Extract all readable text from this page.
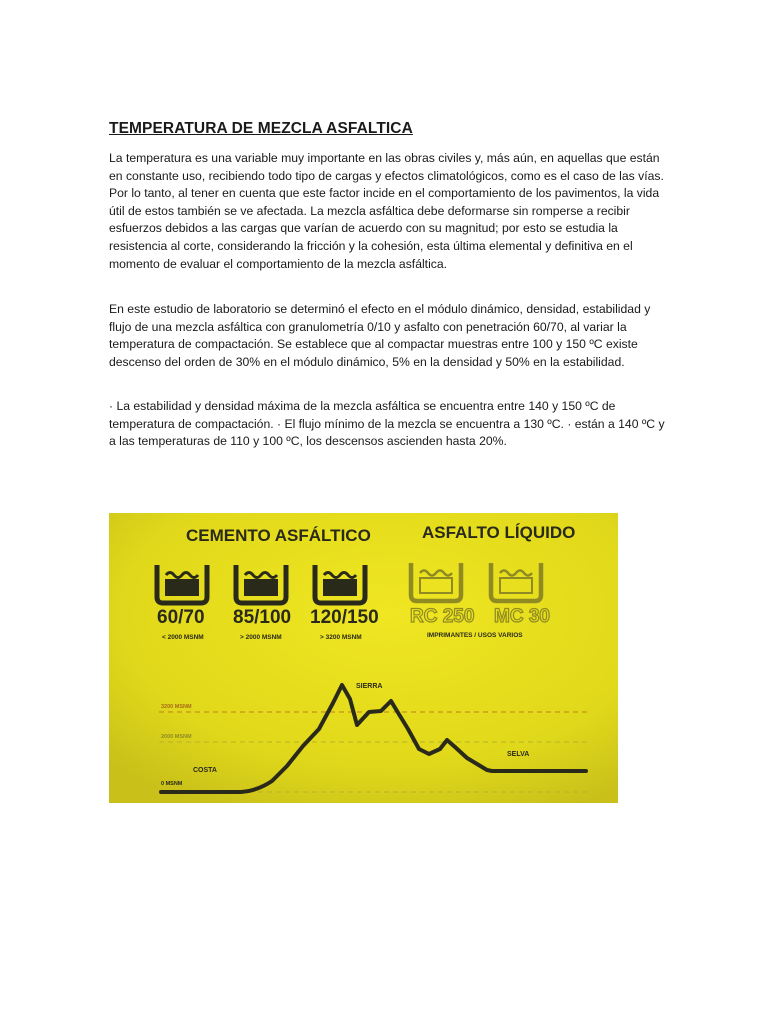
TEMPERATURA DE MEZCLA ASFALTICA

La temperatura es una variable muy importante en las obras civiles y, más aún, en aquellas que están en constante uso, recibiendo todo tipo de cargas y efectos climatológicos, como es el caso de las vías. Por lo tanto, al tener en cuenta que este factor incide en el comportamiento de los pavimentos, la vida útil de estos también se ve afectada. La mezcla asfáltica debe deformarse sin romperse a recibir esfuerzos debidos a las cargas que varían de acuerdo con su magnitud; por esto se estudia la resistencia al corte, considerando la fricción y la cohesión, esta última elemental y definitiva en el momento de evaluar el comportamiento de la mezcla asfáltica.

En este estudio de laboratorio se determinó el efecto en el módulo dinámico, densidad, estabilidad y flujo de una mezcla asfáltica con granulometría 0/10 y asfalto con penetración 60/70, al variar la temperatura de compactación. Se establece que al compactar muestras entre 100 y 150 ºC existe descenso del orden de 30% en el módulo dinámico, 5% en la densidad y 50% en la estabilidad.

· La estabilidad y densidad máxima de la mezcla asfáltica se encuentra entre 140 y 150 ºC de temperatura de compactación. · El flujo mínimo de la mezcla se encuentra a 130 ºC. · están a 140 ºC y a las temperaturas de 110 y 100 ºC, los descensos ascienden hasta 20%.

CEMENTO ASFÁLTICO	ASFALTO LÍQUIDO
60/70 85/100 120/150 RC 250 MC 30
< 2000 MSNM	> 2000 MSNM	> 3200 MSNM	IMPRIMANTES / USOS VARIOS
3200 MSNM
2000 MSNM
0 MSNM
COSTA
SIERRA
SELVA
